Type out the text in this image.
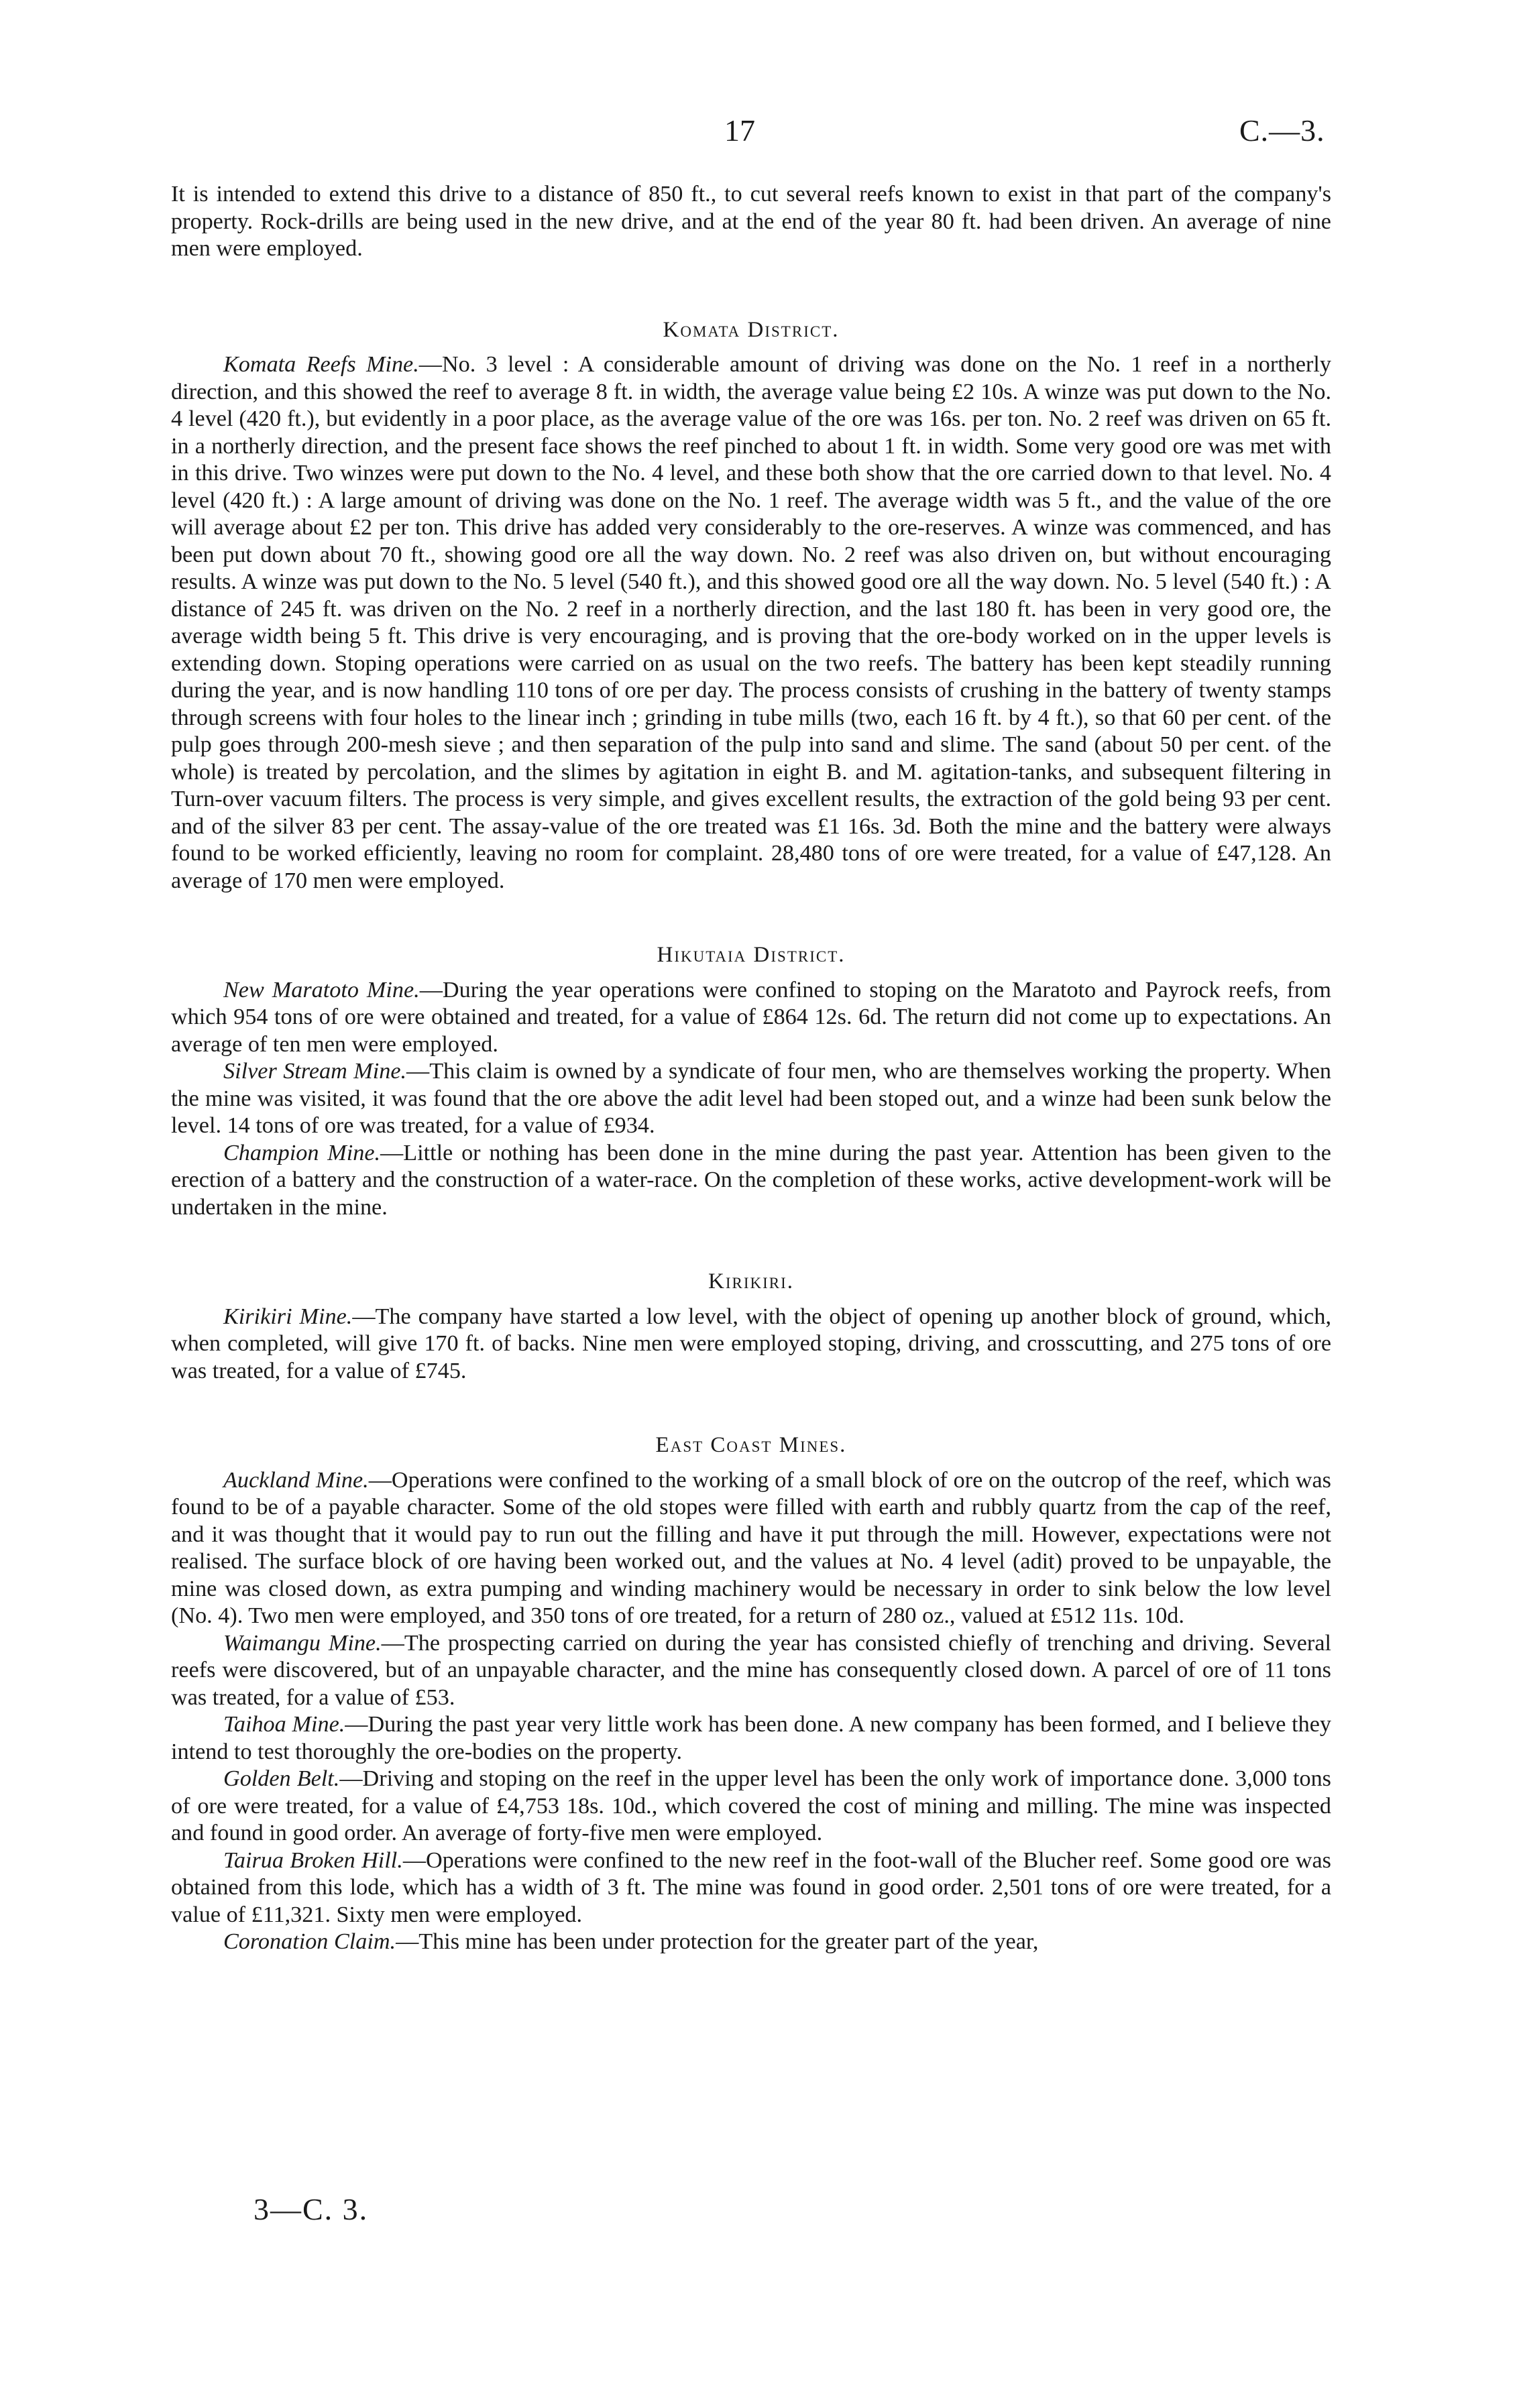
17	C.—3.

It is intended to extend this drive to a distance of 850 ft., to cut several reefs known to exist in that part of the company's property. Rock-drills are being used in the new drive, and at the end of the year 80 ft. had been driven. An average of nine men were employed.

Komata District.

Komata Reefs Mine.—No. 3 level : A considerable amount of driving was done on the No. 1 reef in a northerly direction, and this showed the reef to average 8 ft. in width, the average value being £2 10s. A winze was put down to the No. 4 level (420 ft.), but evidently in a poor place, as the average value of the ore was 16s. per ton. No. 2 reef was driven on 65 ft. in a northerly direction, and the present face shows the reef pinched to about 1 ft. in width. Some very good ore was met with in this drive. Two winzes were put down to the No. 4 level, and these both show that the ore carried down to that level. No. 4 level (420 ft.) : A large amount of driving was done on the No. 1 reef. The average width was 5 ft., and the value of the ore will average about £2 per ton. This drive has added very considerably to the ore-reserves. A winze was commenced, and has been put down about 70 ft., showing good ore all the way down. No. 2 reef was also driven on, but without encouraging results. A winze was put down to the No. 5 level (540 ft.), and this showed good ore all the way down. No. 5 level (540 ft.) : A distance of 245 ft. was driven on the No. 2 reef in a northerly direction, and the last 180 ft. has been in very good ore, the average width being 5 ft. This drive is very encouraging, and is proving that the ore-body worked on in the upper levels is extending down. Stoping operations were carried on as usual on the two reefs. The battery has been kept steadily running during the year, and is now handling 110 tons of ore per day. The process consists of crushing in the battery of twenty stamps through screens with four holes to the linear inch ; grinding in tube mills (two, each 16 ft. by 4 ft.), so that 60 per cent. of the pulp goes through 200-mesh sieve ; and then separation of the pulp into sand and slime. The sand (about 50 per cent. of the whole) is treated by percolation, and the slimes by agitation in eight B. and M. agitation-tanks, and subsequent filtering in Turn-over vacuum filters. The process is very simple, and gives excellent results, the extraction of the gold being 93 per cent. and of the silver 83 per cent. The assay-value of the ore treated was £1 16s. 3d. Both the mine and the battery were always found to be worked efficiently, leaving no room for complaint. 28,480 tons of ore were treated, for a value of £47,128. An average of 170 men were employed.

Hikutaia District.

New Maratoto Mine.—During the year operations were confined to stoping on the Maratoto and Payrock reefs, from which 954 tons of ore were obtained and treated, for a value of £864 12s. 6d. The return did not come up to expectations. An average of ten men were employed.

Silver Stream Mine.—This claim is owned by a syndicate of four men, who are themselves working the property. When the mine was visited, it was found that the ore above the adit level had been stoped out, and a winze had been sunk below the level. 14 tons of ore was treated, for a value of £934.

Champion Mine.—Little or nothing has been done in the mine during the past year. Attention has been given to the erection of a battery and the construction of a water-race. On the completion of these works, active development-work will be undertaken in the mine.

Kirikiri.

Kirikiri Mine.—The company have started a low level, with the object of opening up another block of ground, which, when completed, will give 170 ft. of backs. Nine men were employed stoping, driving, and crosscutting, and 275 tons of ore was treated, for a value of £745.

East Coast Mines.

Auckland Mine.—Operations were confined to the working of a small block of ore on the outcrop of the reef, which was found to be of a payable character. Some of the old stopes were filled with earth and rubbly quartz from the cap of the reef, and it was thought that it would pay to run out the filling and have it put through the mill. However, expectations were not realised. The surface block of ore having been worked out, and the values at No. 4 level (adit) proved to be unpayable, the mine was closed down, as extra pumping and winding machinery would be necessary in order to sink below the low level (No. 4). Two men were employed, and 350 tons of ore treated, for a return of 280 oz., valued at £512 11s. 10d.

Waimangu Mine.—The prospecting carried on during the year has consisted chiefly of trenching and driving. Several reefs were discovered, but of an unpayable character, and the mine has consequently closed down. A parcel of ore of 11 tons was treated, for a value of £53.

Taihoa Mine.—During the past year very little work has been done. A new company has been formed, and I believe they intend to test thoroughly the ore-bodies on the property.

Golden Belt.—Driving and stoping on the reef in the upper level has been the only work of importance done. 3,000 tons of ore were treated, for a value of £4,753 18s. 10d., which covered the cost of mining and milling. The mine was inspected and found in good order. An average of forty-five men were employed.

Tairua Broken Hill.—Operations were confined to the new reef in the foot-wall of the Blucher reef. Some good ore was obtained from this lode, which has a width of 3 ft. The mine was found in good order. 2,501 tons of ore were treated, for a value of £11,321. Sixty men were employed.

Coronation Claim.—This mine has been under protection for the greater part of the year,

3—C. 3.
